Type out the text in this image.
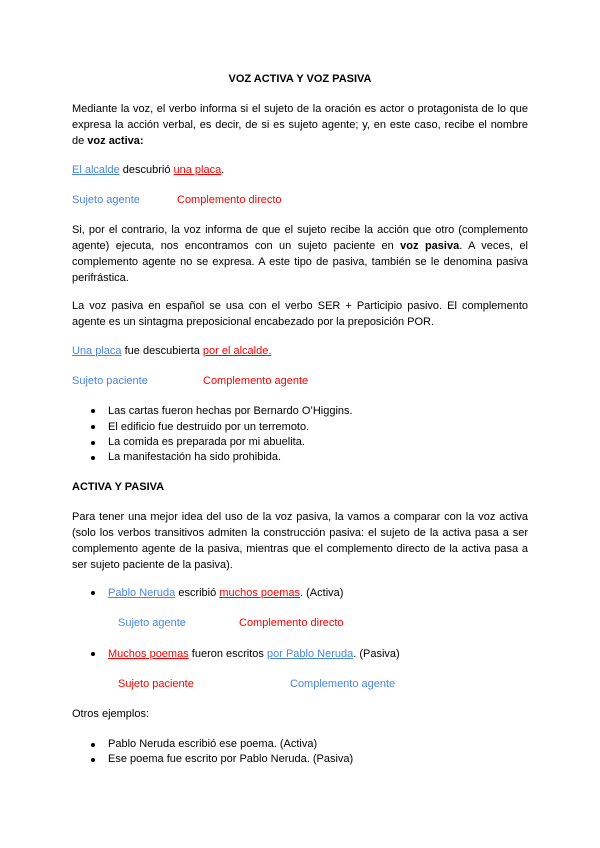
VOZ ACTIVA Y VOZ PASIVA
Mediante la voz, el verbo informa si el sujeto de la oración es actor o protagonista de lo que expresa la acción verbal, es decir, de si es sujeto agente; y, en este caso, recibe el nombre de voz activa:
El alcalde descubrió una placa.
Sujeto agente	Complemento directo
Si, por el contrario, la voz informa de que el sujeto recibe la acción que otro (complemento agente) ejecuta, nos encontramos con un sujeto paciente en voz pasiva. A veces, el complemento agente no se expresa. A este tipo de pasiva, también se le denomina pasiva perifrástica.
La voz pasiva en español se usa con el verbo SER + Participio pasivo. El complemento agente es un sintagma preposicional encabezado por la preposición POR.
Una placa fue descubierta por el alcalde.
Sujeto paciente	Complemento agente
Las cartas fueron hechas por Bernardo O’Higgins.
El edificio fue destruido por un terremoto.
La comida es preparada por mi abuelita.
La manifestación ha sido prohibida.
ACTIVA Y PASIVA
Para tener una mejor idea del uso de la voz pasiva, la vamos a comparar con la voz activa (solo los verbos transitivos admiten la construcción pasiva: el sujeto de la activa pasa a ser complemento agente de la pasiva, mientras que el complemento directo de la activa pasa a ser sujeto paciente de la pasiva).
Pablo Neruda escribió muchos poemas. (Activa)
Sujeto agente	Complemento directo
Muchos poemas fueron escritos por Pablo Neruda. (Pasiva)
Sujeto paciente	Complemento agente
Otros ejemplos:
Pablo Neruda escribió ese poema. (Activa)
Ese poema fue escrito por Pablo Neruda. (Pasiva)
